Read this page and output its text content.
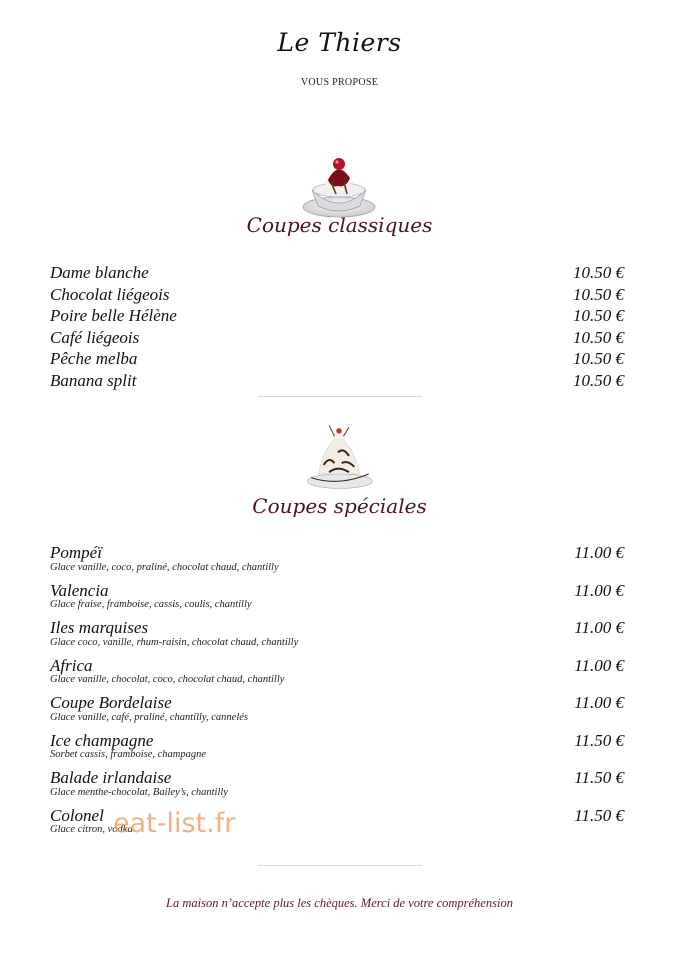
Le Thiers
VOUS PROPOSE
Coupes classiques
Dame blanche	10.50 €
Chocolat liégeois	10.50 €
Poire belle Hélène	10.50 €
Café liégeois	10.50 €
Pêche melba	10.50 €
Banana split	10.50 €
Coupes spéciales
Pompéï	11.00 €
Glace vanille, coco, praliné, chocolat chaud, chantilly
Valencia	11.00 €
Glace fraise, framboise, cassis, coulis, chantilly
Iles marquises	11.00 €
Glace coco, vanille, rhum-raisin, chocolat chaud, chantilly
Africa	11.00 €
Glace vanille, chocolat, coco, chocolat chaud, chantilly
Coupe Bordelaise	11.00 €
Glace vanille, café, praliné, chantilly, cannelés
Ice champagne	11.50 €
Sorbet cassis, framboise, champagne
Balade irlandaise	11.50 €
Glace menthe-chocolat, Bailey’s, chantilly
Colonel	11.50 €
Glace citron, vodka
eat-list.fr
La maison n’accepte plus les chèques. Merci de votre compréhension
